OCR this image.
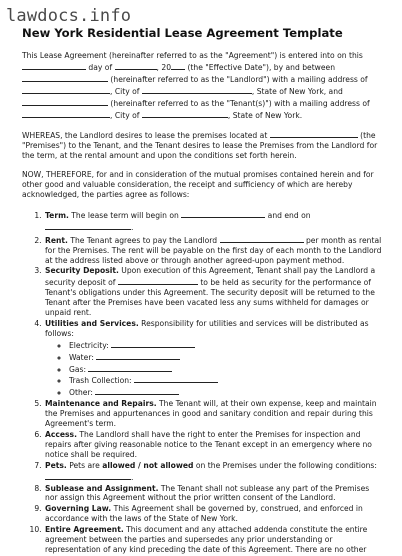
lawdocs.info
New York Residential Lease Agreement Template

This Lease Agreement (hereinafter referred to as the "Agreement") is entered into on this  day of	, 20 (the "Effective Date"), by and between  (hereinafter referred to as the "Landlord") with a mailing address of , City of	, State of New York, and  (hereinafter referred to as the "Tenant(s)") with a mailing address of , City of	, State of New York.

WHEREAS, the Landlord desires to lease the premises located at	(the "Premises") to the Tenant, and the Tenant desires to lease the Premises from the Landlord for the term, at the rental amount and upon the conditions set forth herein.

NOW, THEREFORE, for and in consideration of the mutual promises contained herein and for other good and valuable consideration, the receipt and sufficiency of which are hereby acknowledged, the parties agree as follows:

1. Term. The lease term will begin on	and end on .
2. Rent. The Tenant agrees to pay the Landlord	per month as rental for the Premises. The rent will be payable on the first day of each month to the Landlord at the address listed above or through another agreed-upon payment method.
3. Security Deposit. Upon execution of this Agreement, Tenant shall pay the Landlord a security deposit of	to be held as security for the performance of Tenant's obligations under this Agreement. The security deposit will be returned to the Tenant after the Premises have been vacated less any sums withheld for damages or unpaid rent.
4. Utilities and Services. Responsibility for utilities and services will be distributed as follows:
◦ Electricity:
◦ Water:
◦ Gas:
◦ Trash Collection:
◦ Other:
5. Maintenance and Repairs. The Tenant will, at their own expense, keep and maintain the Premises and appurtenances in good and sanitary condition and repair during this Agreement's term.
6. Access. The Landlord shall have the right to enter the Premises for inspection and repairs after giving reasonable notice to the Tenant except in an emergency where no notice shall be required.
7. Pets. Pets are allowed / not allowed on the Premises under the following conditions: .
8. Sublease and Assignment. The Tenant shall not sublease any part of the Premises nor assign this Agreement without the prior written consent of the Landlord.
9. Governing Law. This Agreement shall be governed by, construed, and enforced in accordance with the laws of the State of New York.
10. Entire Agreement. This document and any attached addenda constitute the entire agreement between the parties and supersedes any prior understanding or representation of any kind preceding the date of this Agreement. There are no other
